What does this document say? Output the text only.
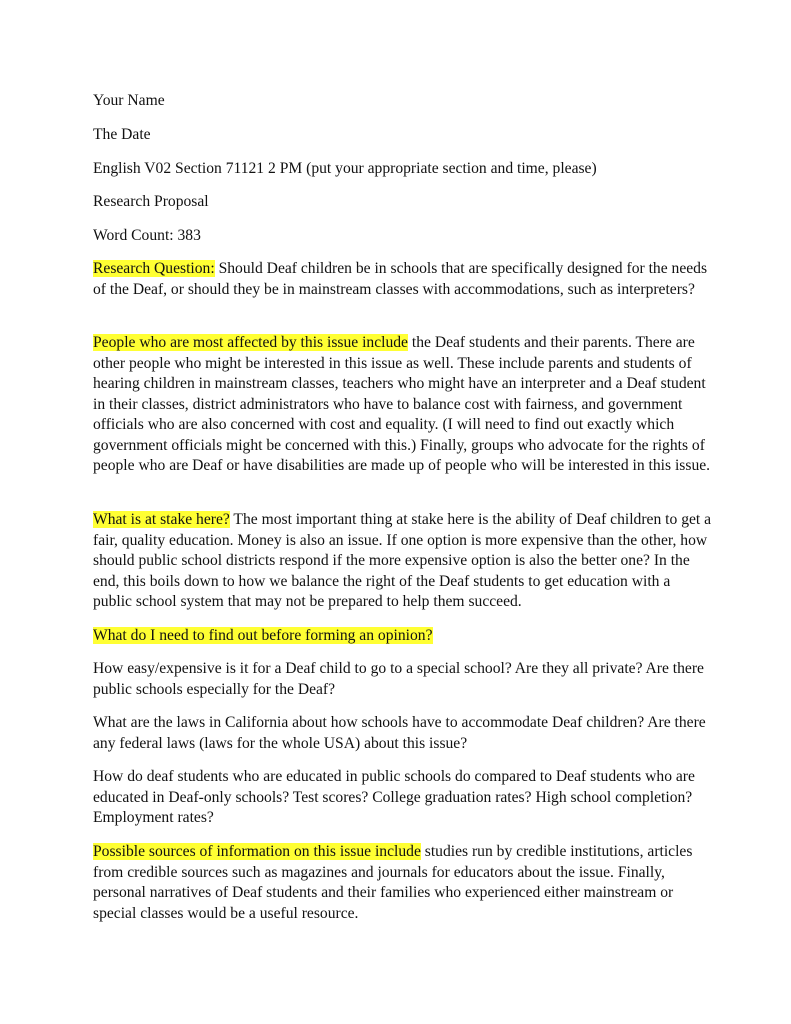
Your Name

The Date

English V02 Section 71121 2 PM (put your appropriate section and time, please)

Research Proposal

Word Count: 383

Research Question: Should Deaf children be in schools that are specifically designed for the needs of the Deaf, or should they be in mainstream classes with accommodations, such as interpreters?

People who are most affected by this issue include the Deaf students and their parents. There are other people who might be interested in this issue as well. These include parents and students of hearing children in mainstream classes, teachers who might have an interpreter and a Deaf student in their classes, district administrators who have to balance cost with fairness, and government officials who are also concerned with cost and equality. (I will need to find out exactly which government officials might be concerned with this.) Finally, groups who advocate for the rights of people who are Deaf or have disabilities are made up of people who will be interested in this issue.

What is at stake here? The most important thing at stake here is the ability of Deaf children to get a fair, quality education. Money is also an issue. If one option is more expensive than the other, how should public school districts respond if the more expensive option is also the better one? In the end, this boils down to how we balance the right of the Deaf students to get education with a public school system that may not be prepared to help them succeed.

What do I need to find out before forming an opinion?

How easy/expensive is it for a Deaf child to go to a special school? Are they all private? Are there public schools especially for the Deaf?

What are the laws in California about how schools have to accommodate Deaf children? Are there any federal laws (laws for the whole USA) about this issue?

How do deaf students who are educated in public schools do compared to Deaf students who are educated in Deaf-only schools? Test scores? College graduation rates? High school completion? Employment rates?

Possible sources of information on this issue include studies run by credible institutions, articles from credible sources such as magazines and journals for educators about the issue. Finally, personal narratives of Deaf students and their families who experienced either mainstream or special classes would be a useful resource.
